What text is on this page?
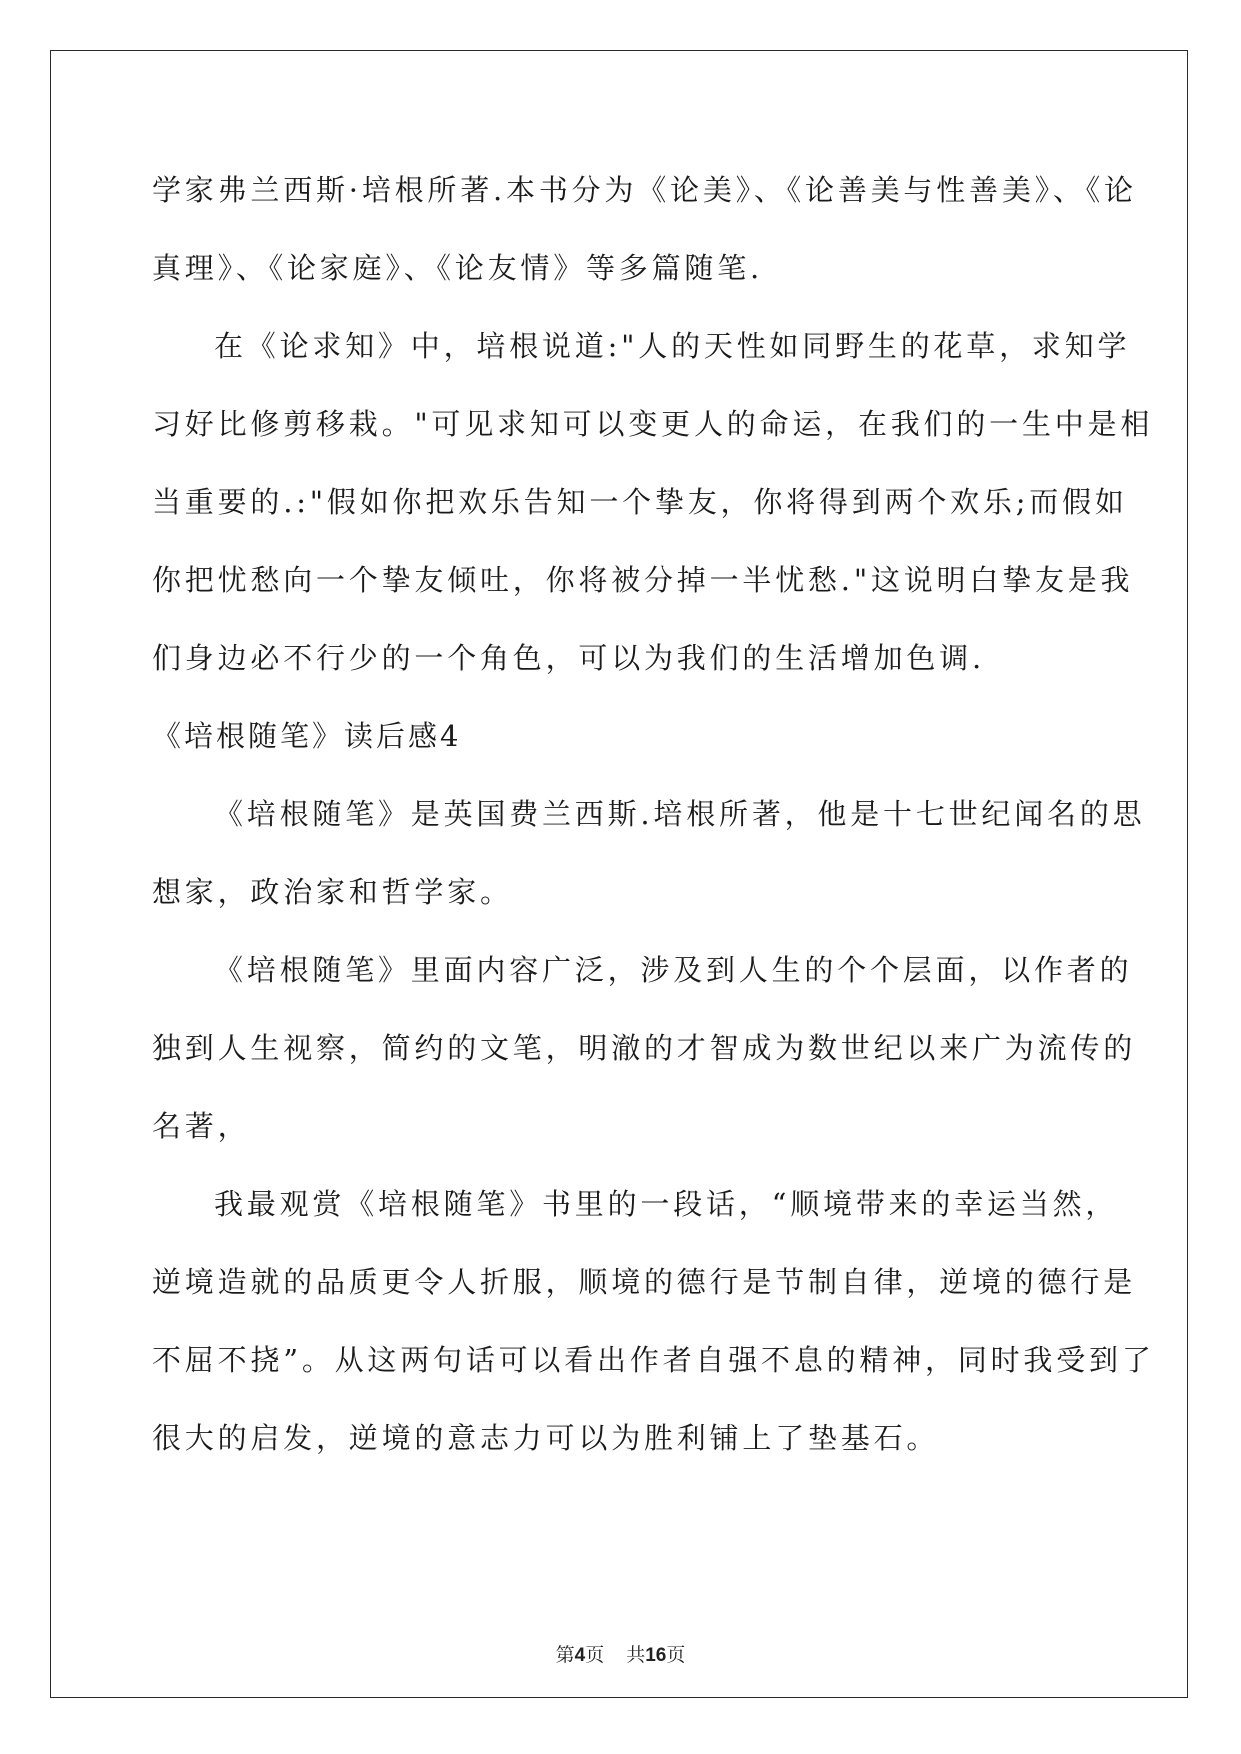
学家弗兰西斯·培根所著.本书分为《论美》、《论善美与性善美》、《论
真理》、《论家庭》、《论友情》等多篇随笔.
在《论求知》中，培根说道:"人的天性如同野生的花草，求知学
习好比修剪移栽。"可见求知可以变更人的命运，在我们的一生中是相
当重要的.:"假如你把欢乐告知一个挚友，你将得到两个欢乐;而假如
你把忧愁向一个挚友倾吐，你将被分掉一半忧愁."这说明白挚友是我
们身边必不行少的一个角色，可以为我们的生活增加色调.
《培根随笔》读后感4
《培根随笔》是英国费兰西斯.培根所著，他是十七世纪闻名的思
想家，政治家和哲学家。
《培根随笔》里面内容广泛，涉及到人生的个个层面，以作者的
独到人生视察，简约的文笔，明澈的才智成为数世纪以来广为流传的
名著，
我最观赏《培根随笔》书里的一段话，“顺境带来的幸运当然，
逆境造就的品质更令人折服，顺境的德行是节制自律，逆境的德行是
不屈不挠”。从这两句话可以看出作者自强不息的精神，同时我受到了
很大的启发，逆境的意志力可以为胜利铺上了垫基石。
第4页 共16页
